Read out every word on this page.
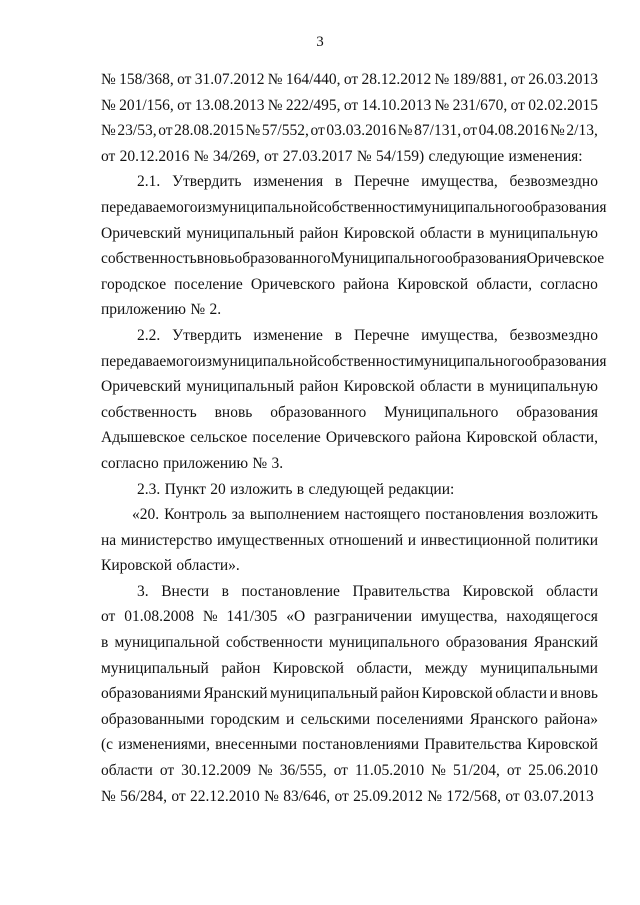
3
№ 158/368, от 31.07.2012 № 164/440, от 28.12.2012 № 189/881, от 26.03.2013
№ 201/156, от 13.08.2013 № 222/495, от 14.10.2013 № 231/670, от 02.02.2015
№ 23/53, от 28.08.2015 № 57/552, от 03.03.2016 № 87/131, от 04.08.2016 № 2/13,
от 20.12.2016 № 34/269, от 27.03.2017 № 54/159) следующие изменения:
2.1. Утвердить изменения в Перечне имущества, безвозмездно
передаваемого из муниципальной собственности муниципального образования
Оричевский муниципальный район Кировской области в муниципальную
собственность вновь образованного Муниципального образования Оричевское
городское поселение Оричевского района Кировской области, согласно
приложению № 2.
2.2. Утвердить изменение в Перечне имущества, безвозмездно
передаваемого из муниципальной собственности муниципального образования
Оричевский муниципальный район Кировской области в муниципальную
собственность вновь образованного Муниципального образования
Адышевское сельское поселение Оричевского района Кировской области,
согласно приложению № 3.
2.3. Пункт 20 изложить в следующей редакции:
«20. Контроль за выполнением настоящего постановления возложить
на министерство имущественных отношений и инвестиционной политики
Кировской области».
3. Внести в постановление Правительства Кировской области
от 01.08.2008 № 141/305 «О разграничении имущества, находящегося
в муниципальной собственности муниципального образования Яранский
муниципальный район Кировской области, между муниципальными
образованиями Яранский муниципальный район Кировской области и вновь
образованными городским и сельскими поселениями Яранского района»
(с изменениями, внесенными постановлениями Правительства Кировской
области от 30.12.2009 № 36/555, от 11.05.2010 № 51/204, от 25.06.2010
№ 56/284, от 22.12.2010 № 83/646, от 25.09.2012 № 172/568, от 03.07.2013
